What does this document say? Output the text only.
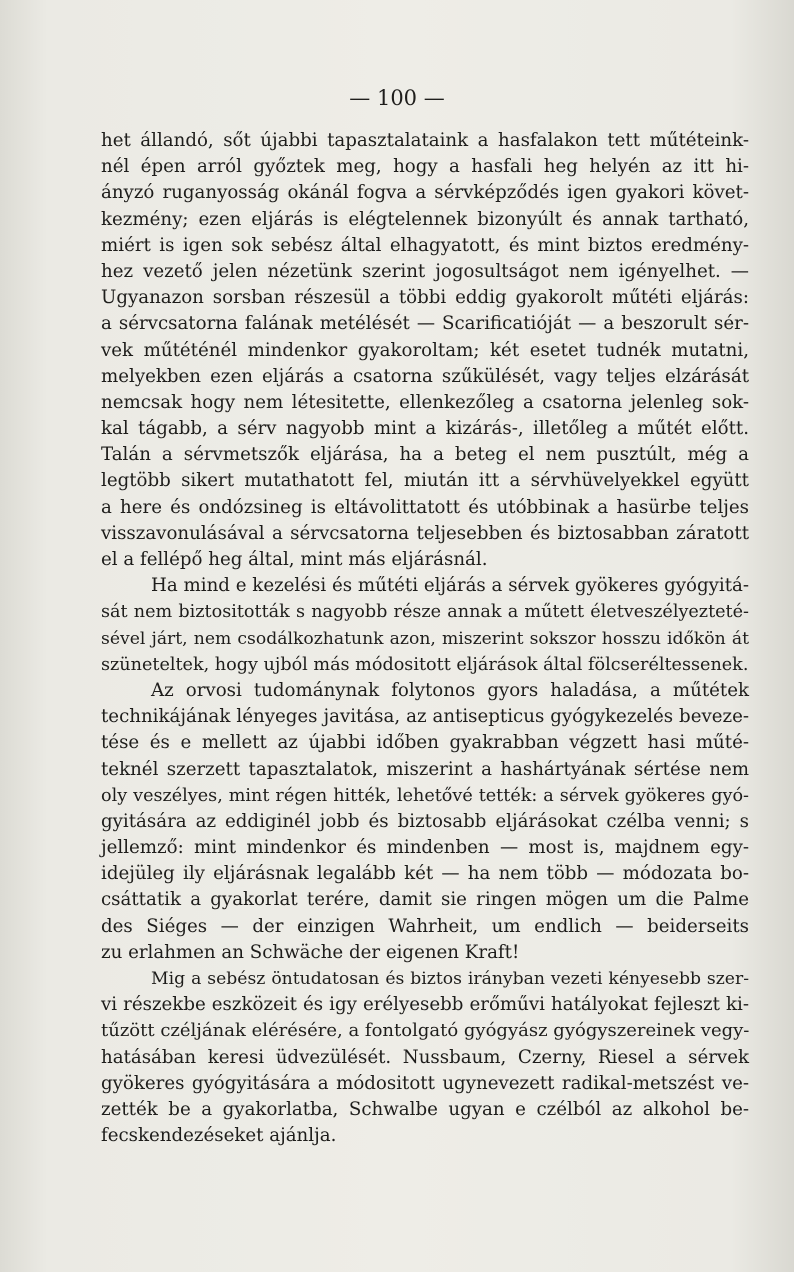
— 100 —
het állandó, sőt újabbi tapasztalataink a hasfalakon tett műtéteink-
nél épen arról győztek meg, hogy a hasfali heg helyén az itt hi-
ányzó ruganyosság okánál fogva a sérvképződés igen gyakori követ-
kezmény; ezen eljárás is elégtelennek bizonyúlt és annak tartható,
miért is igen sok sebész által elhagyatott, és mint biztos eredmény-
hez vezető jelen nézetünk szerint jogosultságot nem igényelhet. —
Ugyanazon sorsban részesül a többi eddig gyakorolt műtéti eljárás:
a sérvcsatorna falának metélését — Scarificatióját — a beszorult sér-
vek műtéténél mindenkor gyakoroltam; két esetet tudnék mutatni,
melyekben ezen eljárás a csatorna szűkülését, vagy teljes elzárását
nemcsak hogy nem létesitette, ellenkezőleg a csatorna jelenleg sok-
kal tágabb, a sérv nagyobb mint a kizárás-, illetőleg a műtét előtt.
Talán a sérvmetszők eljárása, ha a beteg el nem pusztúlt, még a
legtöbb sikert mutathatott fel, miután itt a sérvhüvelyekkel együtt
a here és ondózsineg is eltávolittatott és utóbbinak a hasürbe teljes
visszavonulásával a sérvcsatorna teljesebben és biztosabban záratott
el a fellépő heg által, mint más eljárásnál.
Ha mind e kezelési és műtéti eljárás a sérvek gyökeres gyógyitá-
sát nem biztositották s nagyobb része annak a műtett életveszélyezteté-
sével járt, nem csodálkozhatunk azon, miszerint sokszor hosszu időkön át
szüneteltek, hogy ujból más módositott eljárások által fölcseréltessenek.
Az orvosi tudománynak folytonos gyors haladása, a műtétek
technikájának lényeges javitása, az antisepticus gyógykezelés beveze-
tése és e mellett az újabbi időben gyakrabban végzett hasi műté-
teknél szerzett tapasztalatok, miszerint a hashártyának sértése nem
oly veszélyes, mint régen hitték, lehetővé tették: a sérvek gyökeres gyó-
gyitására az eddiginél jobb és biztosabb eljárásokat czélba venni; s
jellemző: mint mindenkor és mindenben — most is, majdnem egy-
idejüleg ily eljárásnak legalább két — ha nem több — módozata bo-
csáttatik a gyakorlat terére, damit sie ringen mögen um die Palme
des Siéges — der einzigen Wahrheit, um endlich — beiderseits
zu erlahmen an Schwäche der eigenen Kraft!
Mig a sebész öntudatosan és biztos irányban vezeti kényesebb szer-
vi részekbe eszközeit és igy erélyesebb erőművi hatályokat fejleszt ki-
tűzött czéljának elérésére, a fontolgató gyógyász gyógyszereinek vegy-
hatásában keresi üdvezülését. Nussbaum, Czerny, Riesel a sérvek
gyökeres gyógyitására a módositott ugynevezett radikal-metszést ve-
zették be a gyakorlatba, Schwalbe ugyan e czélból az alkohol be-
fecskendezéseket ajánlja.
